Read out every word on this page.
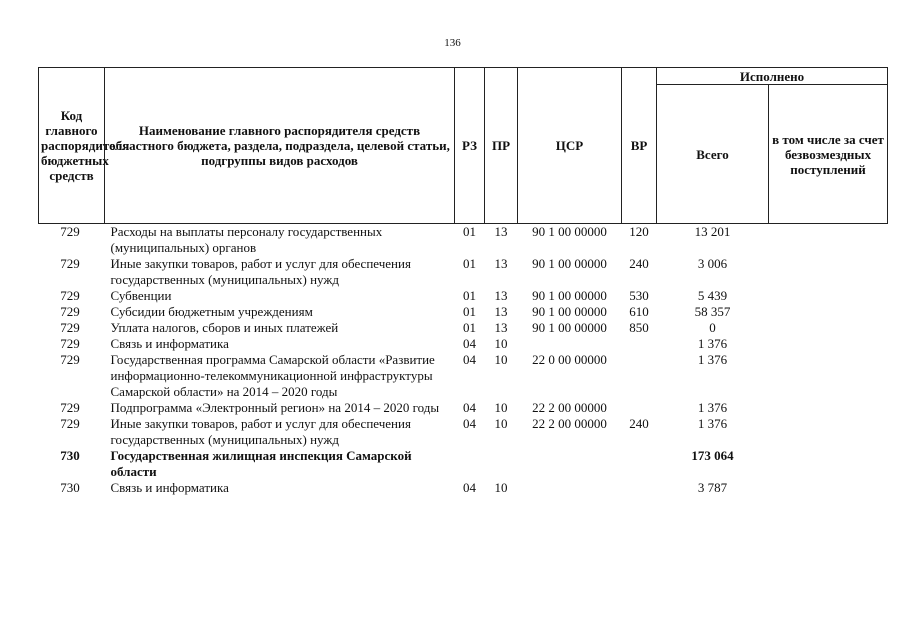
136
Код главного распорядителя бюджетных средств	Наименование главного распорядителя средств областного бюджета, раздела, подраздела, целевой статьи, подгруппы видов расходов	РЗ	ПР	ЦСР	ВР	Исполнено	
						Всего	в том числе за счет безвозмездных поступлений
729	Расходы на выплаты персоналу государственных (муниципальных) органов	01	13	90 1 00 00000	120	13 201	
729	Иные закупки товаров, работ и услуг для обеспечения государственных (муниципальных) нужд	01	13	90 1 00 00000	240	3 006	
729	Субвенции	01	13	90 1 00 00000	530	5 439	
729	Субсидии бюджетным учреждениям	01	13	90 1 00 00000	610	58 357	
729	Уплата налогов, сборов и иных платежей	01	13	90 1 00 00000	850	0	
729	Связь и информатика	04	10			1 376	
729	Государственная программа Самарской области «Развитие информационно-телекоммуникационной инфраструктуры Самарской области» на 2014 – 2020 годы	04	10	22 0 00 00000		1 376	
729	Подпрограмма «Электронный регион» на 2014 – 2020 годы	04	10	22 2 00 00000		1 376	
729	Иные закупки товаров, работ и услуг для обеспечения государственных (муниципальных) нужд	04	10	22 2 00 00000	240	1 376	
730	Государственная жилищная инспекция Самарской области					173 064	
730	Связь и информатика	04	10			3 787	
